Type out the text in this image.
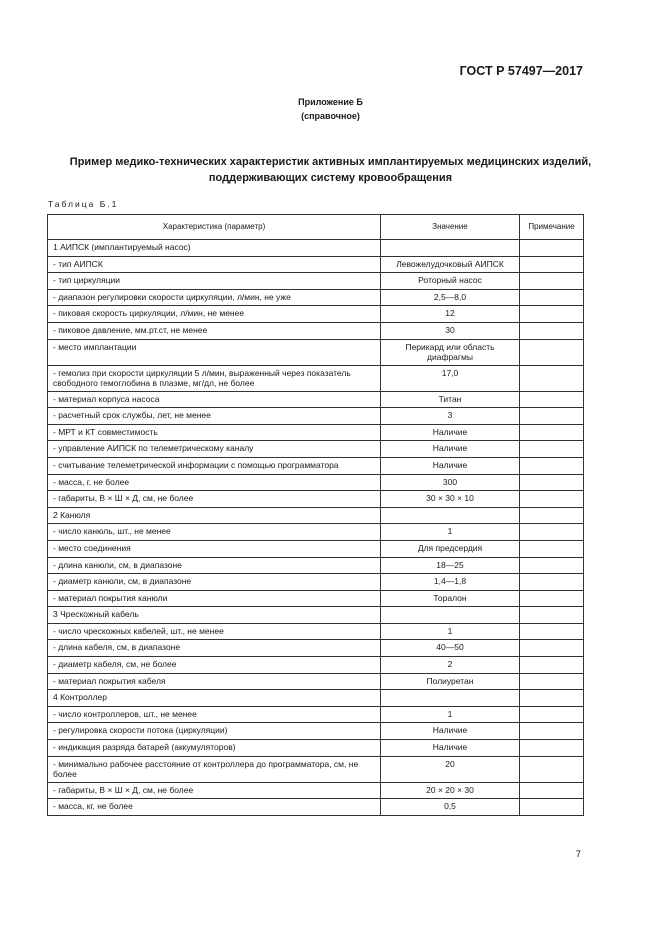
ГОСТ Р 57497—2017
Приложение Б
(справочное)
Пример медико-технических характеристик активных имплантируемых медицинских изделий,
поддерживающих систему кровообращения
Таблица Б.1
Характеристика (параметр)	Значение	Примечание
1 АИПСК (имплантируемый насос)		
- тип АИПСК	Левожелудочковый АИПСК	
- тип циркуляции	Роторный насос	
- диапазон регулировки скорости циркуляции, л/мин, не уже	2,5—8,0	
- пиковая скорость циркуляции, л/мин, не менее	12	
- пиковое давление, мм.рт.ст, не менее	30	
- место имплантации	Перикард или область диафрагмы	
- гемолиз при скорости циркуляции 5 л/мин, выраженный через показатель свободного гемоглобина в плазме, мг/дл, не более	17,0	
- материал корпуса насоса	Титан	
- расчетный срок службы, лет, не менее	3	
- МРТ и КТ совместимость	Наличие	
- управление АИПСК по телеметрическому каналу	Наличие	
- считывание телеметрической информации с помощью программатора	Наличие	
- масса, г, не более	300	
- габариты, В × Ш × Д, см, не более	30 × 30 × 10	
2 Канюля		
- число канюль, шт., не менее	1	
- место соединения	Для предсердия	
- длина канюли, см, в диапазоне	18—25	
- диаметр канюли, см, в диапазоне	1,4—1,8	
- материал покрытия канюли	Торалон	
3 Чрескожный кабель		
- число чрескожных кабелей, шт., не менее	1	
- длина кабеля, см, в диапазоне	40—50	
- диаметр кабеля, см, не более	2	
- материал покрытия кабеля	Полиуретан	
4 Контроллер		
- число контроллеров, шт., не менее	1	
- регулировка скорости потока (циркуляции)	Наличие	
- индикация разряда батарей (аккумуляторов)	Наличие	
- минимально рабочее расстояние от контроллера до программатора, см, не более	20	
- габариты, В × Ш × Д, см, не более	20 × 20 × 30	
- масса, кг, не более	0,5	
7
